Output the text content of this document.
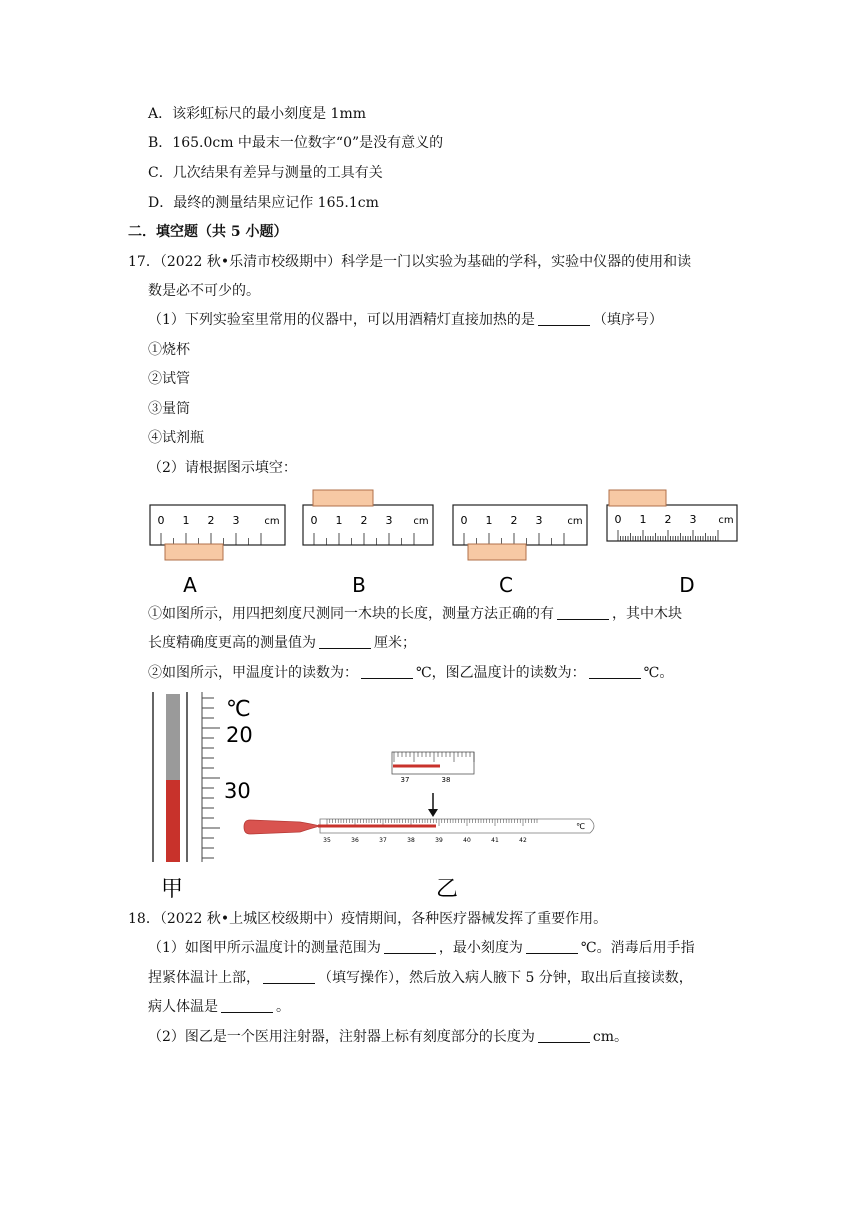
A．该彩虹标尺的最小刻度是 1mm
B．165.0cm 中最末一位数字“0”是没有意义的
C．几次结果有差异与测量的工具有关
D．最终的测量结果应记作 165.1cm
二．填空题（共 5 小题）
17．（2022 秋•乐清市校级期中）科学是一门以实验为基础的学科，实验中仪器的使用和读
数是必不可少的。
（1）下列实验室里常用的仪器中，可以用酒精灯直接加热的是	（填序号）
①烧杯
②试管
③量筒
④试剂瓶
（2）请根据图示填空：
0 1 2 3 cm	0 1 2 3 cm	0 1 2 3 cm	0 1 2 3 cm
A	B	C	D
①如图所示，用四把刻度尺测同一木块的长度，测量方法正确的有	，其中木块
长度精确度更高的测量值为	厘米；
②如图所示，甲温度计的读数为：	℃，图乙温度计的读数为：	℃。
℃
20
30
甲
37	38
35	36	37	38	39	40	41	42
℃
乙
18．（2022 秋•上城区校级期中）疫情期间，各种医疗器械发挥了重要作用。
（1）如图甲所示温度计的测量范围为	，最小刻度为	℃。消毒后用手指
捏紧体温计上部，	（填写操作），然后放入病人腋下 5 分钟，取出后直接读数，
病人体温是	。
（2）图乙是一个医用注射器，注射器上标有刻度部分的长度为	cm。
